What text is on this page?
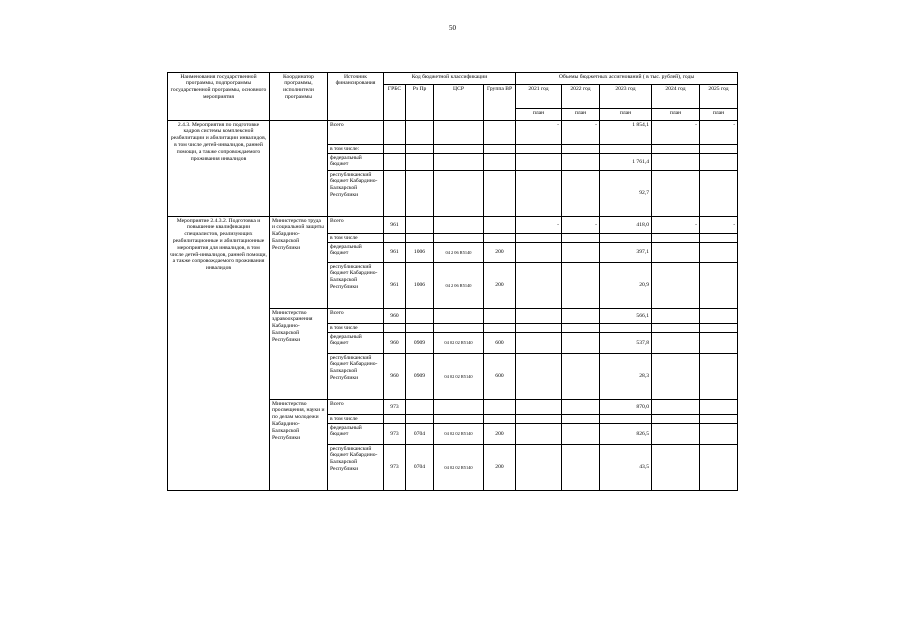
50
Наименования государственной программы, подпрограммы государственной программы, основного мероприятия	Координатор программы, исполнители программы	Источник финансирования	Код бюджетной классификации				Объемы бюджетных ассигнований ( в тыс. рублей), годы				
			ГРБС	Рз Пр	ЦСР	Группа ВР	2021 год	2022 год	2023 год	2024 год	2025 год
							план	план	план	план	план
2.4.3. Мероприятия по подготовке кадров системы комплексной реабилитации и абилитации инвалидов, в том числе детей-инвалидов, ранней помощи, а также сопровождаемого проживания инвалидов		Всего					-	-	1 854,1	-	-
		в том числе:									
		федеральный бюджет							1 761,4		
		республиканский бюджет Кабардино-Балкарской Республики							92,7		
Мероприятие 2.4.3.2. Подготовка и повышение квалификации специалистов, реализующих реабилитационные и абилитационные мероприятия для инвалидов, в том числе детей-инвалидов, ранней помощи, а также сопровождаемого проживания инвалидов	Министерство труда и социальной защиты Кабардино-Балкарской Республики	Всего	961				-	-	418,0	-	-
		в том числе									
		федеральный бюджет	961	1006	04 2 06 R5140	200			397,1		
		республиканский бюджет Кабардино-Балкарской Республики	961	1006	04 2 06 R5140	200			20,9		
	Министерство здравоохранения Кабардино-Балкарской Республики	Всего	960						566,1		
		в том числе									
		федеральный бюджет	960	0909	04 02 02 R5140	600			537,8		
		республиканский бюджет Кабардино-Балкарской Республики	960	0909	04 02 02 R5140	600			28,3		
	Министерство просвещения, науки и по делам молодежи Кабардино-Балкарской Республики	Всего	973						870,0		
		в том числе									
		федеральный бюджет	973	0704	04 02 02 R5140	200			826,5		
		республиканский бюджет Кабардино-Балкарской Республики	973	0704	04 02 02 R5140	200			43,5		
